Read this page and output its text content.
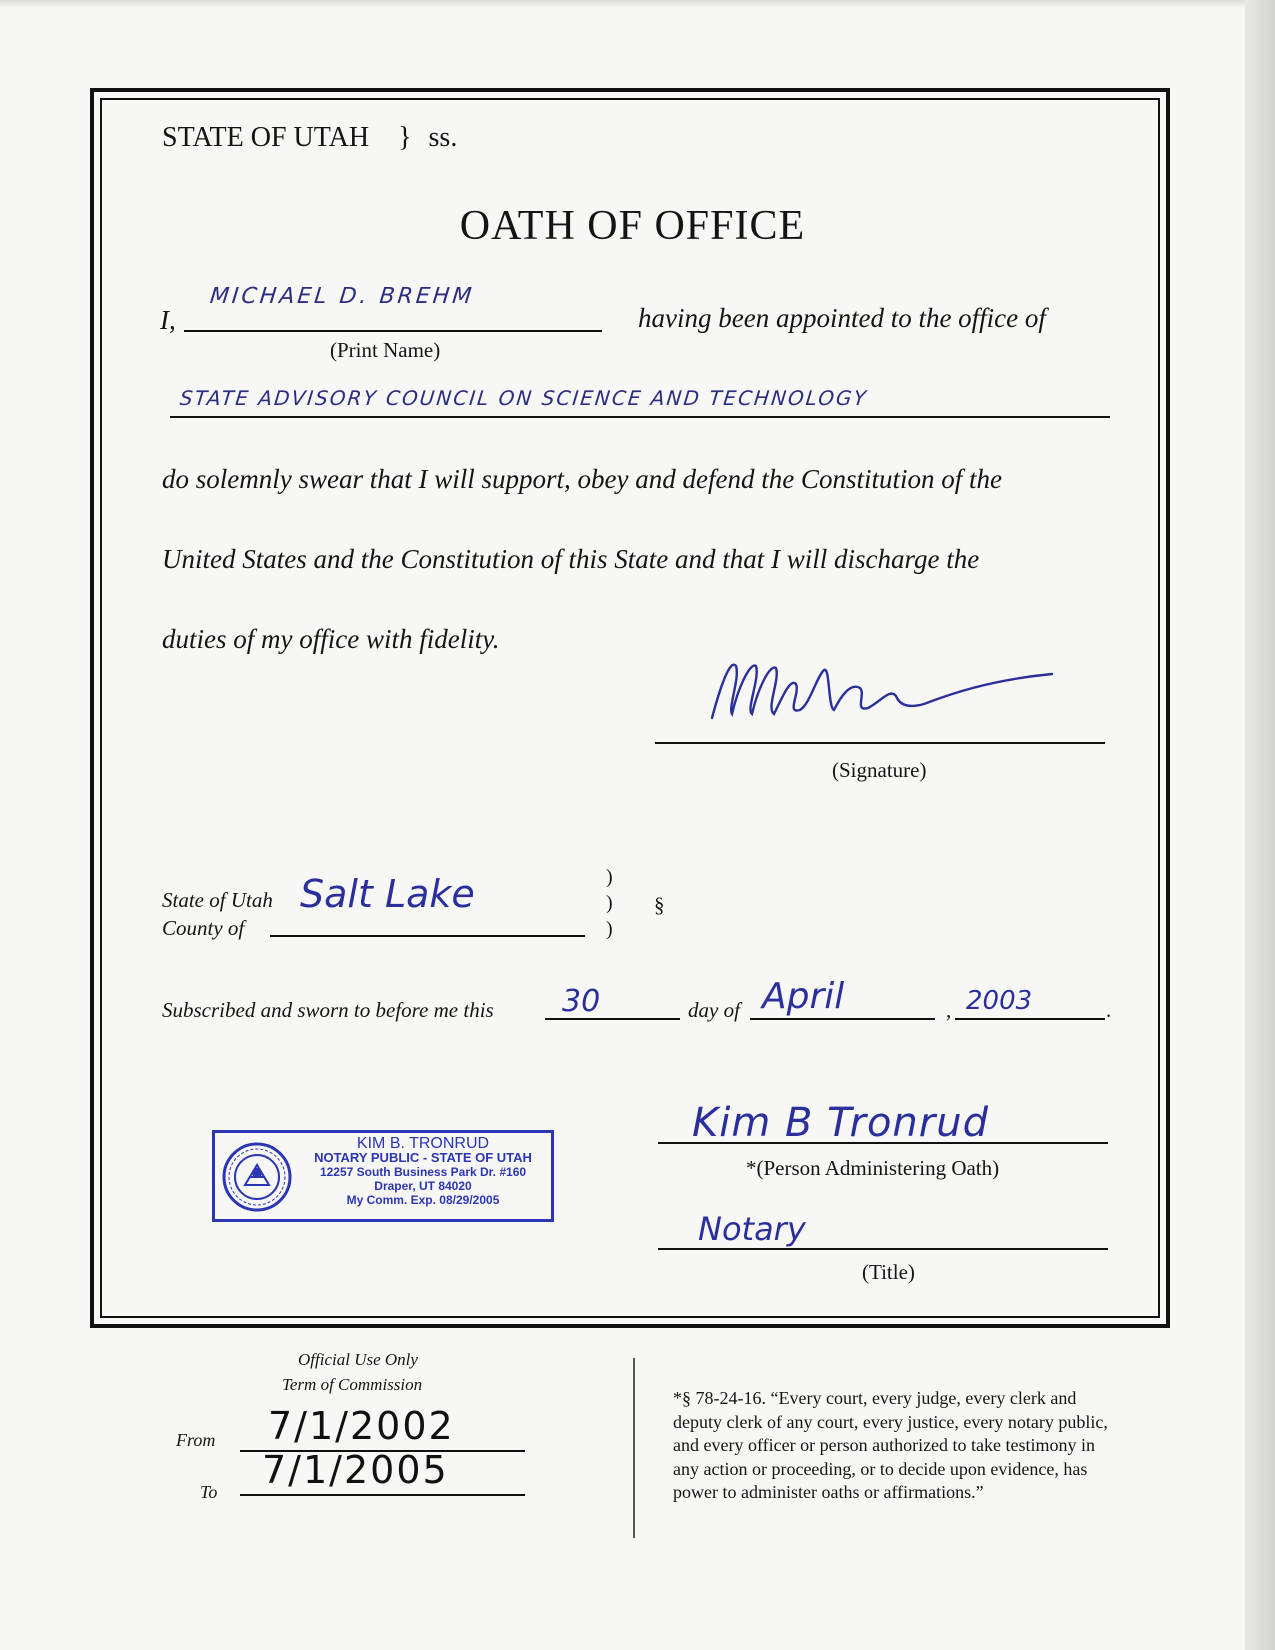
STATE OF UTAH } ss.
OATH OF OFFICE
I,
MICHAEL D. BREHM
(Print Name)
having been appointed to the office of
STATE ADVISORY COUNCIL ON SCIENCE AND TECHNOLOGY
do solemnly swear that I will support, obey and defend the Constitution of the
United States and the Constitution of this State and that I will discharge the
duties of my office with fidelity.
(Signature)
State of Utah
County of
Salt Lake	)
)
)
§
Subscribed and sworn to before me this 30	day of April	, 2003	.
KIM B. TRONRUD
NOTARY PUBLIC - STATE OF UTAH
12257 South Business Park Dr. #160
Draper, UT 84020
My Comm. Exp. 08/29/2005
Kim B Tronrud
*(Person Administering Oath)
Notary
(Title)
Official Use Only
Term of Commission
From 7/1/2002
To 7/1/2005
*§ 78-24-16. “Every court, every judge, every clerk and
deputy clerk of any court, every justice, every notary public,
and every officer or person authorized to take testimony in
any action or proceeding, or to decide upon evidence, has
power to administer oaths or affirmations.”
